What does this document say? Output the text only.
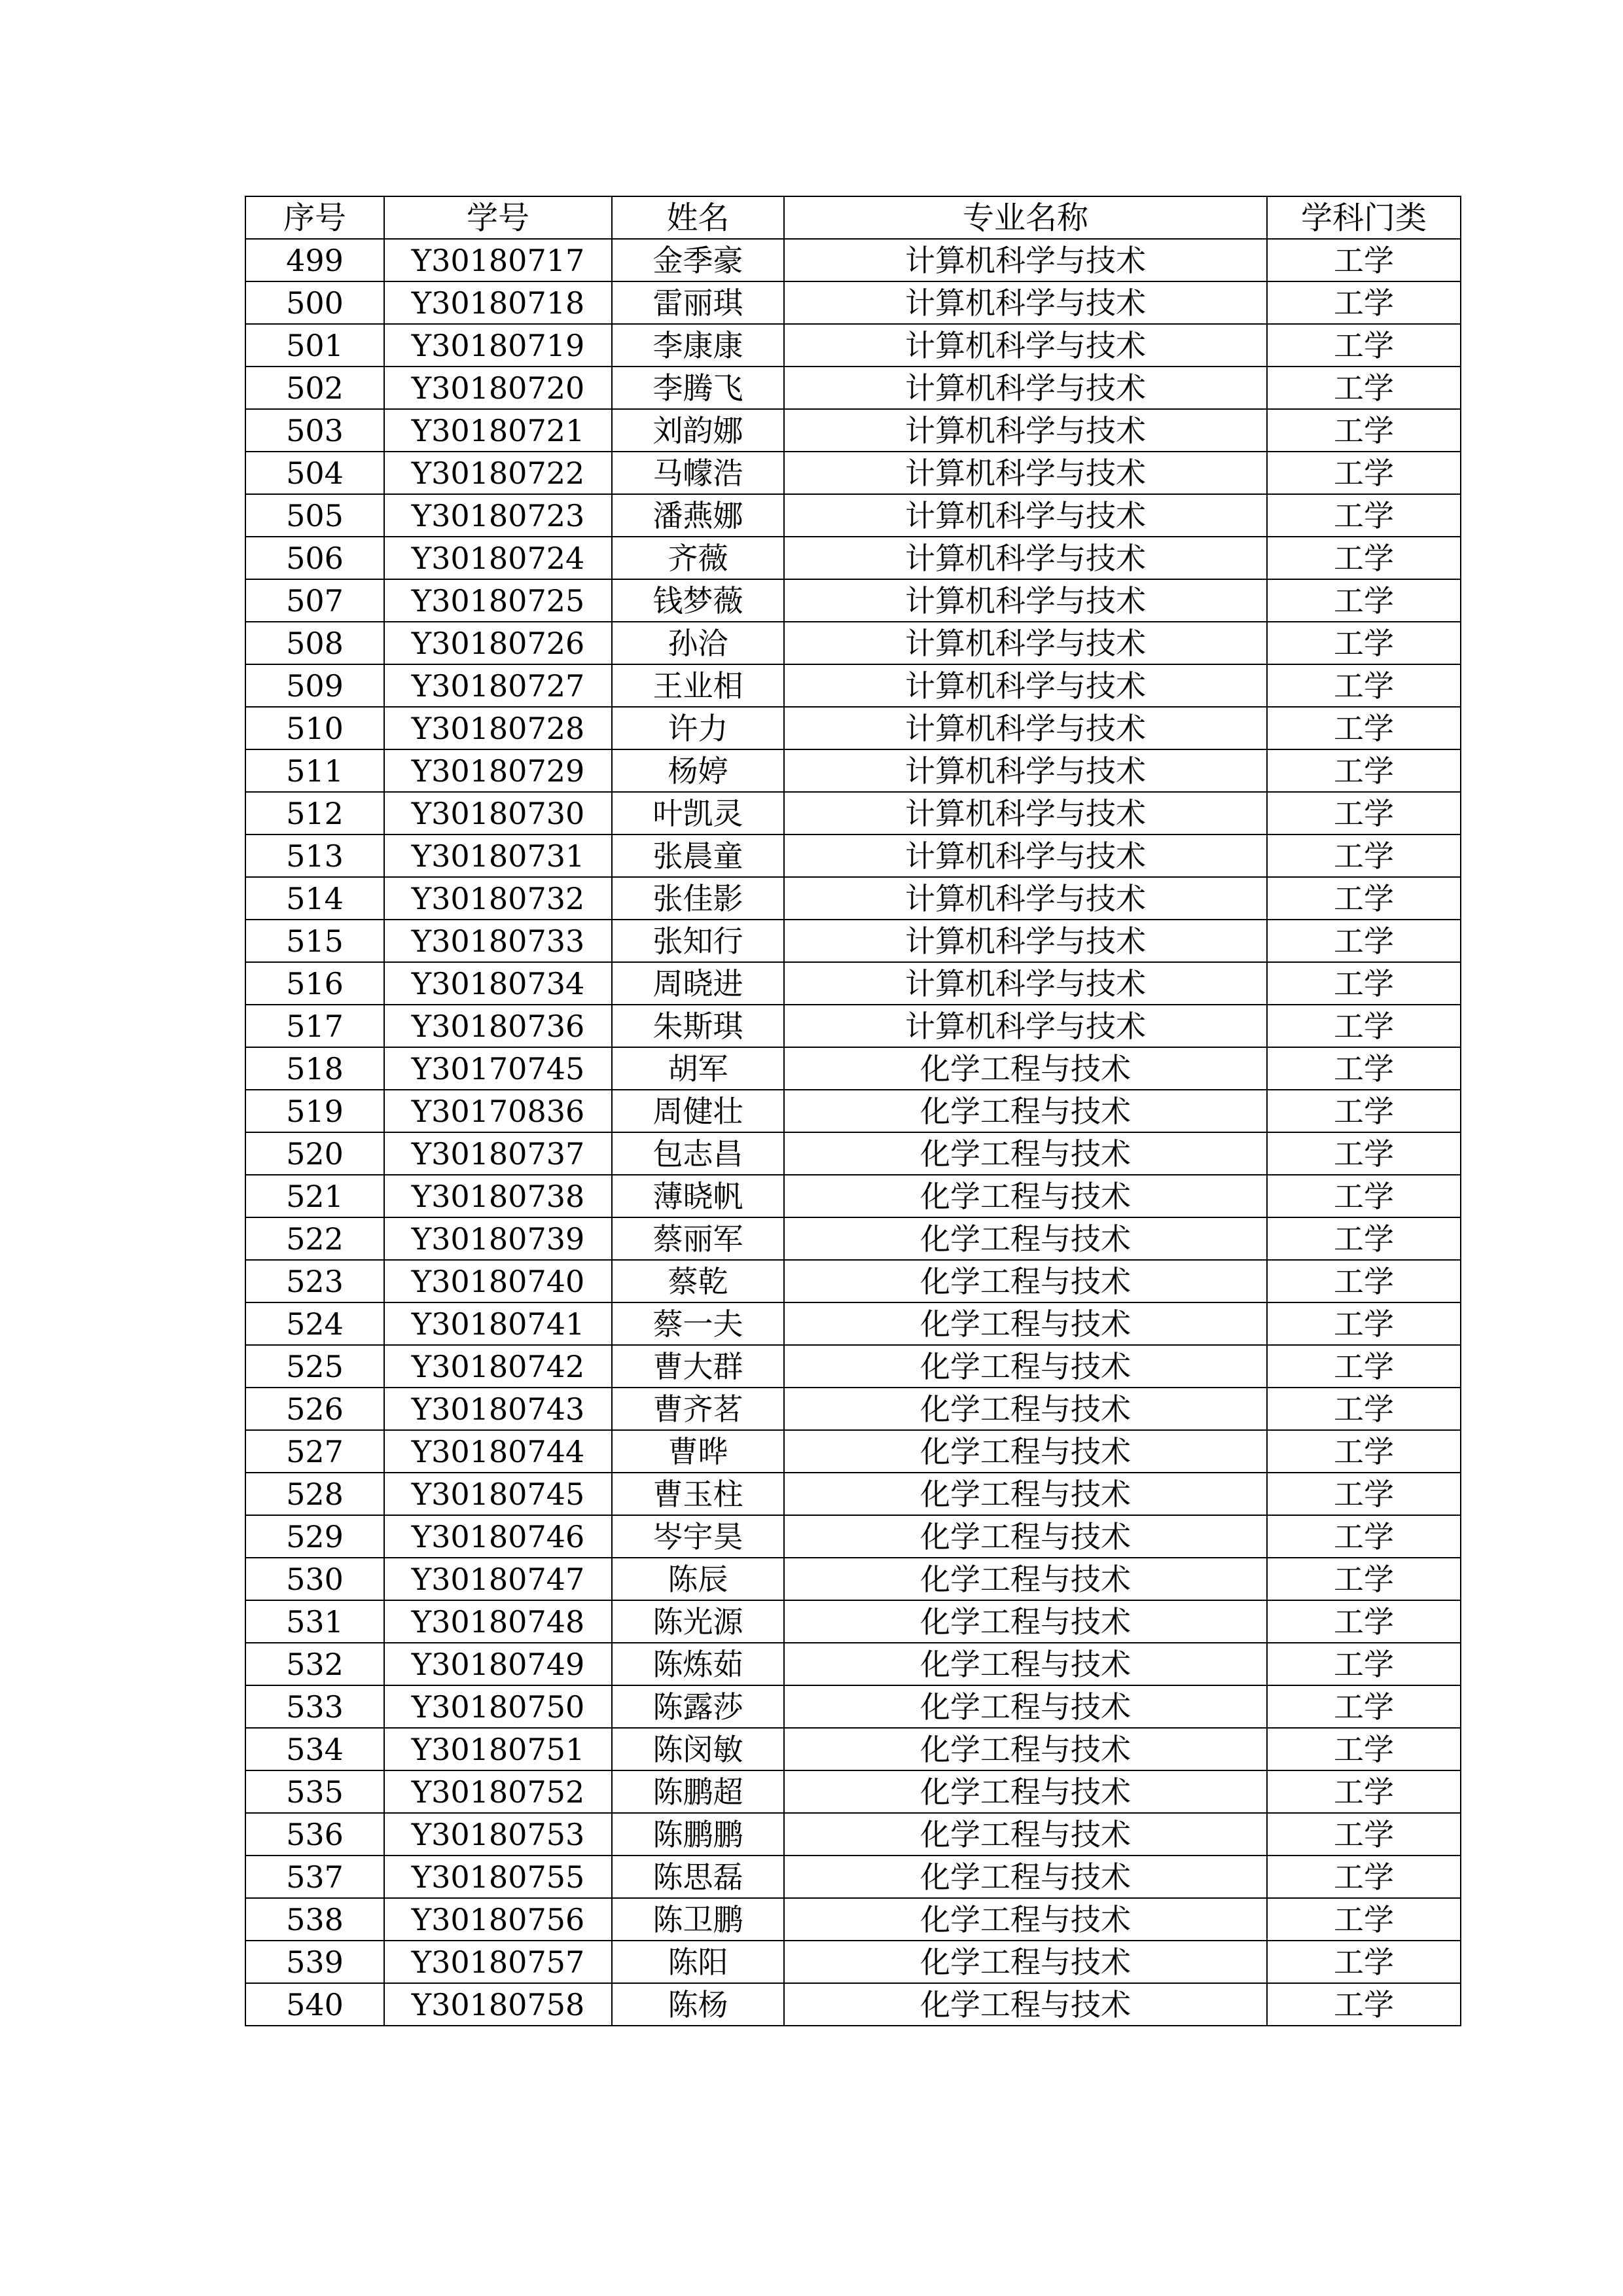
序号	学号	姓名	专业名称	学科门类
499	Y30180717	金季豪	计算机科学与技术	工学
500	Y30180718	雷丽琪	计算机科学与技术	工学
501	Y30180719	李康康	计算机科学与技术	工学
502	Y30180720	李腾飞	计算机科学与技术	工学
503	Y30180721	刘韵娜	计算机科学与技术	工学
504	Y30180722	马幪浩	计算机科学与技术	工学
505	Y30180723	潘燕娜	计算机科学与技术	工学
506	Y30180724	齐薇	计算机科学与技术	工学
507	Y30180725	钱梦薇	计算机科学与技术	工学
508	Y30180726	孙洽	计算机科学与技术	工学
509	Y30180727	王业相	计算机科学与技术	工学
510	Y30180728	许力	计算机科学与技术	工学
511	Y30180729	杨婷	计算机科学与技术	工学
512	Y30180730	叶凯灵	计算机科学与技术	工学
513	Y30180731	张晨童	计算机科学与技术	工学
514	Y30180732	张佳影	计算机科学与技术	工学
515	Y30180733	张知行	计算机科学与技术	工学
516	Y30180734	周晓进	计算机科学与技术	工学
517	Y30180736	朱斯琪	计算机科学与技术	工学
518	Y30170745	胡军	化学工程与技术	工学
519	Y30170836	周健壮	化学工程与技术	工学
520	Y30180737	包志昌	化学工程与技术	工学
521	Y30180738	薄晓帆	化学工程与技术	工学
522	Y30180739	蔡丽军	化学工程与技术	工学
523	Y30180740	蔡乾	化学工程与技术	工学
524	Y30180741	蔡一夫	化学工程与技术	工学
525	Y30180742	曹大群	化学工程与技术	工学
526	Y30180743	曹齐茗	化学工程与技术	工学
527	Y30180744	曹晔	化学工程与技术	工学
528	Y30180745	曹玉柱	化学工程与技术	工学
529	Y30180746	岑宇昊	化学工程与技术	工学
530	Y30180747	陈辰	化学工程与技术	工学
531	Y30180748	陈光源	化学工程与技术	工学
532	Y30180749	陈炼茹	化学工程与技术	工学
533	Y30180750	陈露莎	化学工程与技术	工学
534	Y30180751	陈闵敏	化学工程与技术	工学
535	Y30180752	陈鹏超	化学工程与技术	工学
536	Y30180753	陈鹏鹏	化学工程与技术	工学
537	Y30180755	陈思磊	化学工程与技术	工学
538	Y30180756	陈卫鹏	化学工程与技术	工学
539	Y30180757	陈阳	化学工程与技术	工学
540	Y30180758	陈杨	化学工程与技术	工学
